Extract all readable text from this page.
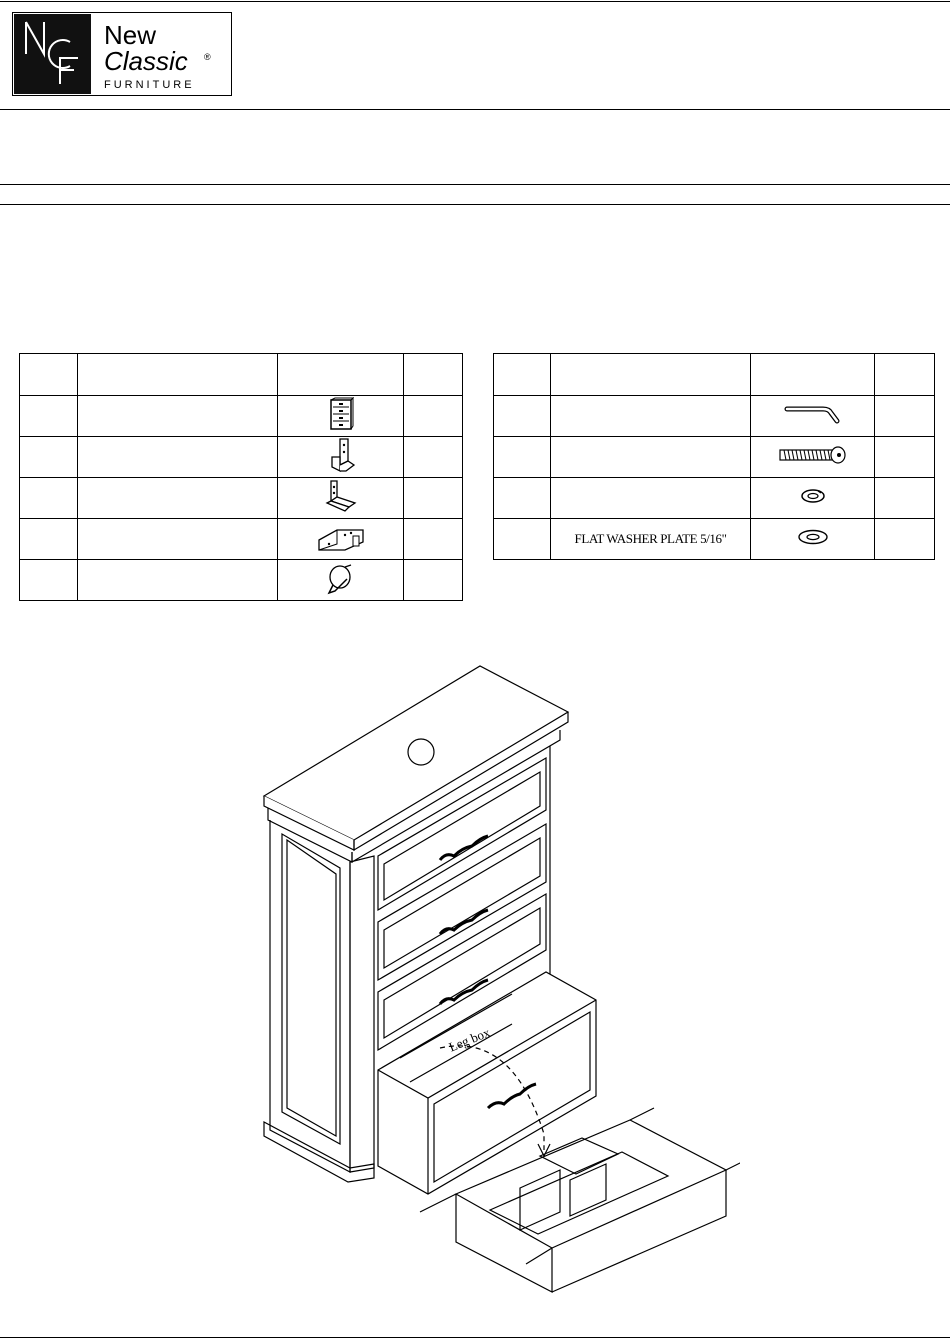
New
Classic ®
FURNITURE

	FLAT WASHER PLATE 5/16"		
Leg box
